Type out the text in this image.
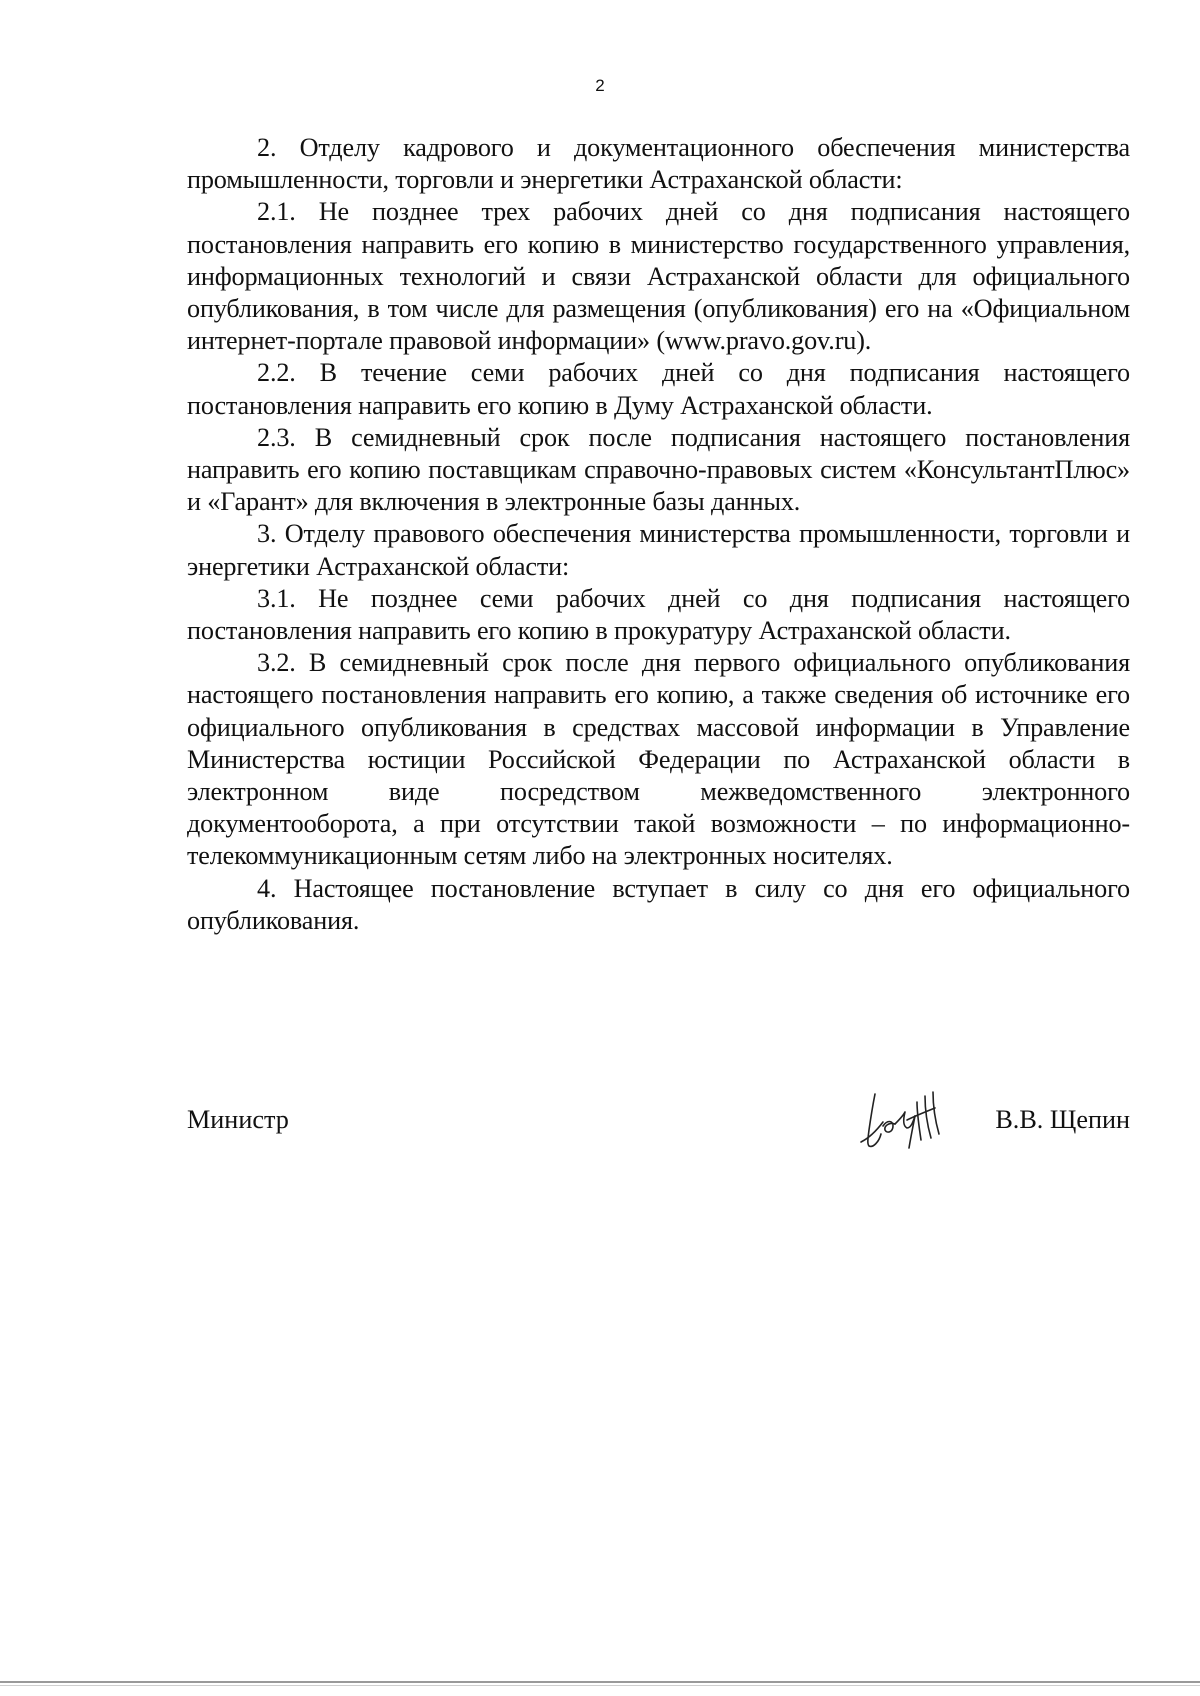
2

2. Отделу кадрового и документационного обеспечения министерства промышленности, торговли и энергетики Астраханской области:

2.1. Не позднее трех рабочих дней со дня подписания настоящего постановления направить его копию в министерство государственного управления, информационных технологий и связи Астраханской области для официального опубликования, в том числе для размещения (опубликования) его на «Официальном интернет-портале правовой информации» (www.pravo.gov.ru).

2.2. В течение семи рабочих дней со дня подписания настоящего постановления направить его копию в Думу Астраханской области.

2.3. В семидневный срок после подписания настоящего постановления направить его копию поставщикам справочно-правовых систем «КонсультантПлюс» и «Гарант» для включения в электронные базы данных.

3. Отделу правового обеспечения министерства промышленности, торговли и энергетики Астраханской области:

3.1. Не позднее семи рабочих дней со дня подписания настоящего постановления направить его копию в прокуратуру Астраханской области.

3.2. В семидневный срок после дня первого официального опубликования настоящего постановления направить его копию, а также сведения об источнике его официального опубликования в средствах массовой информации в Управление Министерства юстиции Российской Федерации по Астраханской области в электронном виде посредством межведомственного электронного документооборота, а при отсутствии такой возможности – по информационно-телекоммуникационным сетям либо на электронных носителях.

4. Настоящее постановление вступает в силу со дня его официального опубликования.

Министр	В.В. Щепин
